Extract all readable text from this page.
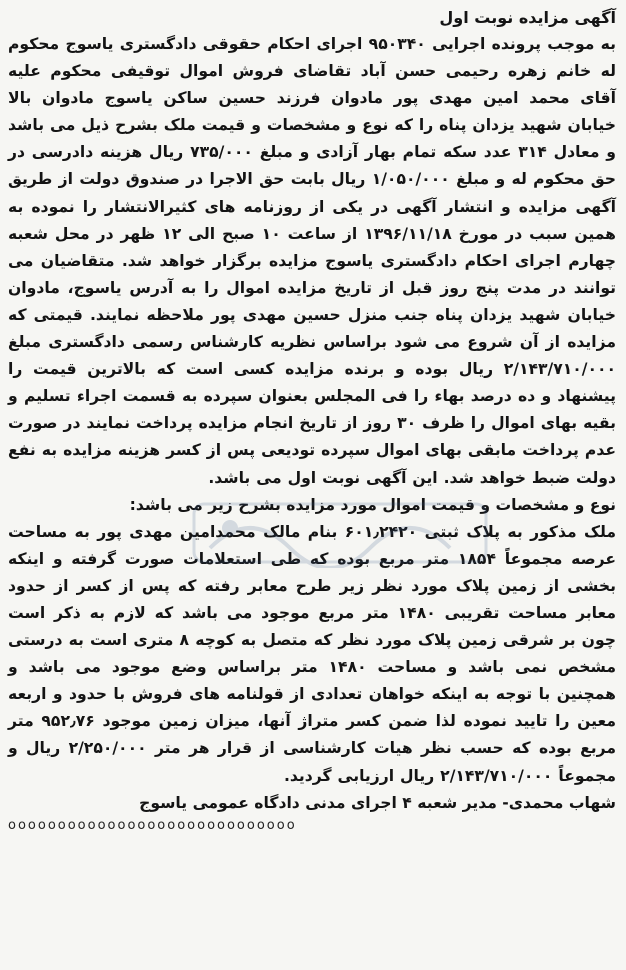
آگهی مزایده نوبت اول

به موجب پرونده اجرایی ۹۵۰۳۴۰ اجرای احکام حقوقی دادگستری یاسوج محکوم له خانم زهره رحیمی حسن آباد تقاضای فروش اموال توقیفی محکوم علیه آقای محمد امین مهدی پور مادوان فرزند حسین ساکن یاسوج مادوان بالا خیابان شهید یزدان پناه را که نوع و مشخصات و قیمت ملک بشرح ذیل می باشد و معادل ۳۱۴ عدد سکه تمام بهار آزادی و مبلغ ۷۳۵/۰۰۰ ریال هزینه دادرسی در حق محکوم له و مبلغ ۱/۰۵۰/۰۰۰ ریال بابت حق الاجرا در صندوق دولت از طریق آگهی مزایده و انتشار آگهی در یکی از روزنامه های کثیرالانتشار را نموده به همین سبب در مورخ ۱۳۹۶/۱۱/۱۸ از ساعت ۱۰ صبح الی ۱۲ ظهر در محل شعبه چهارم اجرای احکام دادگستری یاسوج مزایده برگزار خواهد شد. متقاضیان می توانند در مدت پنج روز قبل از تاریخ مزایده اموال را به آدرس یاسوج، مادوان خیابان شهید یزدان پناه جنب منزل حسین مهدی پور ملاحظه نمایند. قیمتی که مزایده از آن شروع می شود براساس نظریه کارشناس رسمی دادگستری مبلغ ۲/۱۴۳/۷۱۰/۰۰۰ ریال بوده و برنده مزایده کسی است که بالاترین قیمت را پیشنهاد و ده درصد بهاء را فی المجلس بعنوان سپرده به قسمت اجراء تسلیم و بقیه بهای اموال را ظرف ۳۰ روز از تاریخ انجام مزایده پرداخت نمایند در صورت عدم پرداخت مابقی بهای اموال سپرده تودیعی پس از کسر هزینه مزایده به نفع دولت ضبط خواهد شد. این آگهی نوبت اول می باشد.

نوع و مشخصات و قیمت اموال مورد مزایده بشرح زیر می باشد:

ملک مذکور به پلاک ثبتی ۶۰۱٫۲۴۲۰ بنام مالک محمدامین مهدی پور به مساحت عرصه مجموعاً ۱۸۵۴ متر مربع بوده که طی استعلامات صورت گرفته و اینکه بخشی از زمین پلاک مورد نظر زیر طرح معابر رفته که پس از کسر از حدود معابر مساحت تقریبی ۱۴۸۰ متر مربع موجود می باشد که لازم به ذکر است چون بر شرقی زمین پلاک مورد نظر که متصل به کوچه ۸ متری است به درستی مشخص نمی باشد و مساحت ۱۴۸۰ متر براساس وضع موجود می باشد و همچنین با توجه به اینکه خواهان تعدادی از قولنامه های فروش با حدود و اربعه معین را تایید نموده لذا ضمن کسر متراژ آنها، میزان زمین موجود ۹۵۲٫۷۶ متر مربع بوده که حسب نظر هیات کارشناسی از قرار هر متر ۲/۲۵۰/۰۰۰ ریال و مجموعاً ۲/۱۴۳/۷۱۰/۰۰۰ ریال ارزیابی گردید.

شهاب محمدی- مدیر شعبه ۴ اجرای مدنی دادگاه عمومی یاسوج

ooooooooooooooooooooooooooooo
